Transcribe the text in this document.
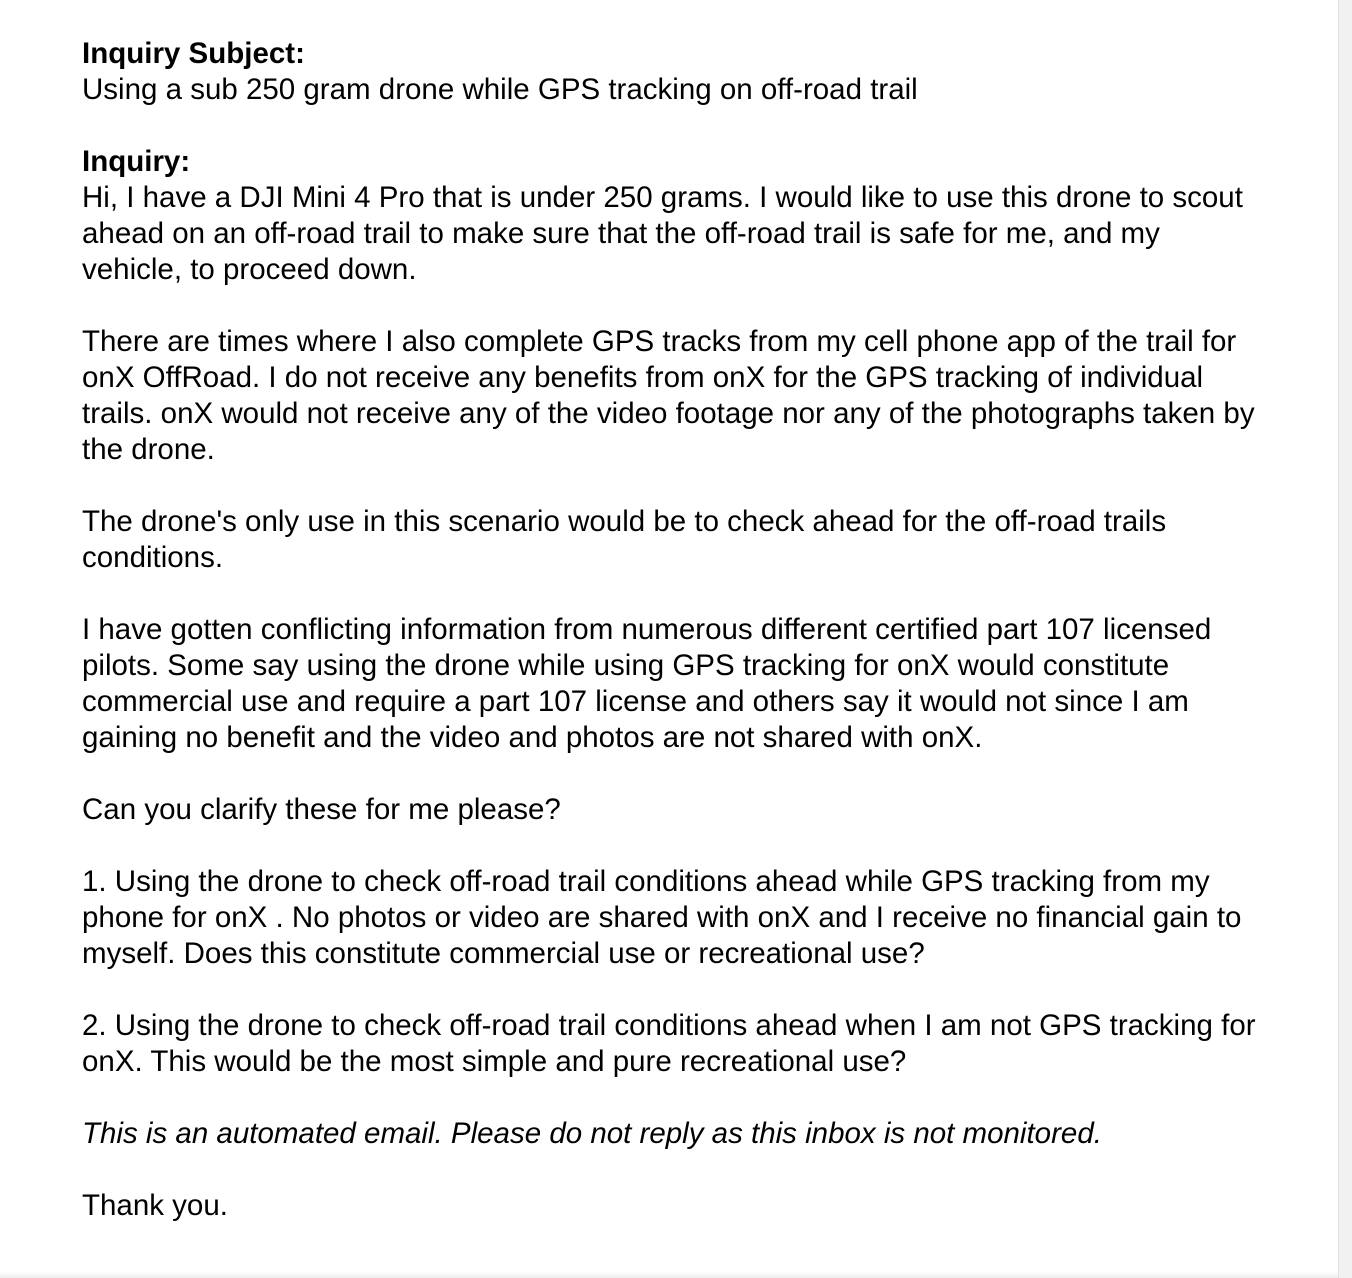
Inquiry Subject:

Using a sub 250 gram drone while GPS tracking on off-road trail

Inquiry:

Hi, I have a DJI Mini 4 Pro that is under 250 grams. I would like to use this drone to scout ahead on an off-road trail to make sure that the off-road trail is safe for me, and my vehicle, to proceed down.

There are times where I also complete GPS tracks from my cell phone app of the trail for onX OffRoad. I do not receive any benefits from onX for the GPS tracking of individual trails. onX would not receive any of the video footage nor any of the photographs taken by the drone.

The drone's only use in this scenario would be to check ahead for the off-road trails conditions.

I have gotten conflicting information from numerous different certified part 107 licensed pilots. Some say using the drone while using GPS tracking for onX would constitute commercial use and require a part 107 license and others say it would not since I am gaining no benefit and the video and photos are not shared with onX.

Can you clarify these for me please?

1. Using the drone to check off-road trail conditions ahead while GPS tracking from my phone for onX . No photos or video are shared with onX and I receive no financial gain to myself. Does this constitute commercial use or recreational use?

2. Using the drone to check off-road trail conditions ahead when I am not GPS tracking for onX. This would be the most simple and pure recreational use?

This is an automated email. Please do not reply as this inbox is not monitored.

Thank you.
